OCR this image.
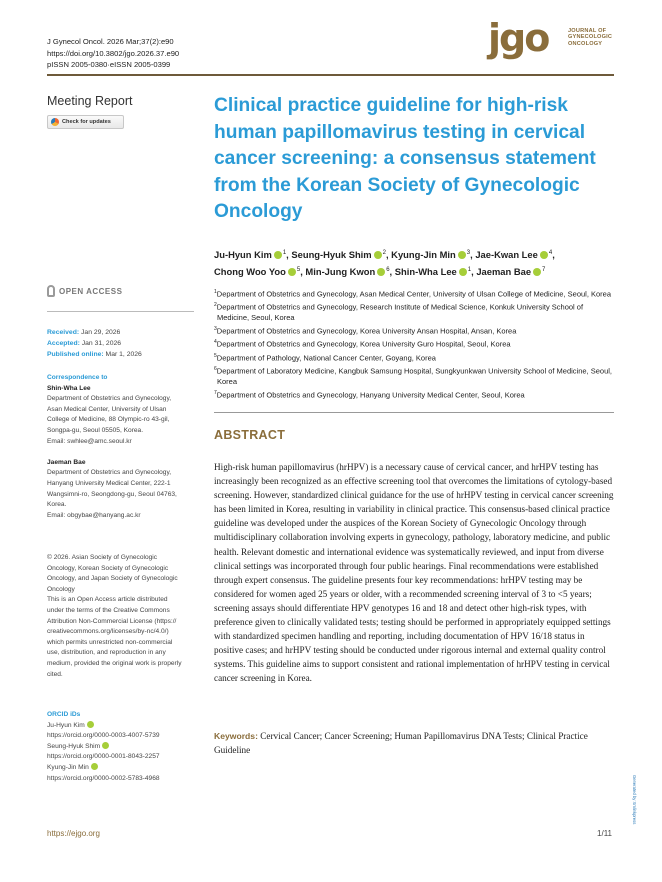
J Gynecol Oncol. 2026 Mar;37(2):e90
https://doi.org/10.3802/jgo.2026.37.e90
pISSN 2005-0380·eISSN 2005-0399
jgo	JOURNAL OF
GYNECOLOGIC
ONCOLOGY
Meeting Report
Check for updates
Clinical practice guideline for high-risk human papillomavirus testing in cervical cancer screening: a consensus statement from the Korean Society of Gynecologic Oncology
Ju-Hyun Kim $^1$, Seung-Hyuk Shim $^2$, Kyung-Jin Min $^3$, Jae-Kwan Lee $^4$,
Chong Woo Yoo $^5$, Min-Jung Kwon $^6$, Shin-Wha Lee $^1$, Jaeman Bae $^7$

$^1$Department of Obstetrics and Gynecology, Asan Medical Center, University of Ulsan College of Medicine, Seoul, Korea

$^2$Department of Obstetrics and Gynecology, Research Institute of Medical Science, Konkuk University School of Medicine, Seoul, Korea

$^3$Department of Obstetrics and Gynecology, Korea University Ansan Hospital, Ansan, Korea

$^4$Department of Obstetrics and Gynecology, Korea University Guro Hospital, Seoul, Korea

$^5$Department of Pathology, National Cancer Center, Goyang, Korea

$^6$Department of Laboratory Medicine, Kangbuk Samsung Hospital, Sungkyunkwan University School of Medicine, Seoul, Korea

$^7$Department of Obstetrics and Gynecology, Hanyang University Medical Center, Seoul, Korea

ABSTRACT

High-risk human papillomavirus (hrHPV) is a necessary cause of cervical cancer, and hrHPV testing has increasingly been recognized as an effective screening tool that overcomes the limitations of cytology-based screening. However, standardized clinical guidance for the use of hrHPV testing in cervical cancer screening has been limited in Korea, resulting in variability in clinical practice. This consensus-based clinical practice guideline was developed under the auspices of the Korean Society of Gynecologic Oncology through multidisciplinary collaboration involving experts in gynecology, pathology, laboratory medicine, and public health. Relevant domestic and international evidence was systematically reviewed, and input from diverse clinical settings was incorporated through four public hearings. Final recommendations were established through expert consensus. The guideline presents four key recommendations: hrHPV testing may be considered for women aged 25 years or older, with a recommended screening interval of 3 to <5 years; screening assays should differentiate HPV genotypes 16 and 18 and detect other high-risk types, with preference given to clinically validated tests; testing should be performed in appropriately equipped settings with standardized specimen handling and reporting, including documentation of HPV 16/18 status in positive cases; and hrHPV testing should be conducted under rigorous internal and external quality control systems. This guideline aims to support consistent and rational implementation of hrHPV testing in cervical cancer screening in Korea.

Keywords: Cervical Cancer; Cancer Screening; Human Papillomavirus DNA Tests; Clinical Practice Guideline

OPEN ACCESS
Received: Jan 29, 2026
Accepted: Jan 31, 2026
Published online: Mar 1, 2026
Correspondence to
Shin-Wha Lee
Department of Obstetrics and Gynecology,
Asan Medical Center, University of Ulsan
College of Medicine, 88 Olympic-ro 43-gil,
Songpa-gu, Seoul 05505, Korea.
Email: swhlee@amc.seoul.kr
Jaeman Bae
Department of Obstetrics and Gynecology,
Hanyang University Medical Center, 222-1
Wangsimni-ro, Seongdong-gu, Seoul 04763,
Korea.
Email: obgybae@hanyang.ac.kr
© 2026. Asian Society of Gynecologic
Oncology, Korean Society of Gynecologic
Oncology, and Japan Society of Gynecologic
Oncology
This is an Open Access article distributed
under the terms of the Creative Commons
Attribution Non-Commercial License (https://
creativecommons.org/licenses/by-nc/4.0/)
which permits unrestricted non-commercial
use, distribution, and reproduction in any
medium, provided the original work is properly
cited.
ORCID iDs
Ju-Hyun Kim
https://orcid.org/0000-0003-4007-5739
Seung-Hyuk Shim
https://orcid.org/0000-0001-8043-2257
Kyung-Jin Min
https://orcid.org/0000-0002-5783-4968	Generated by Xmlinkpress
https://ejgo.org	1/11
